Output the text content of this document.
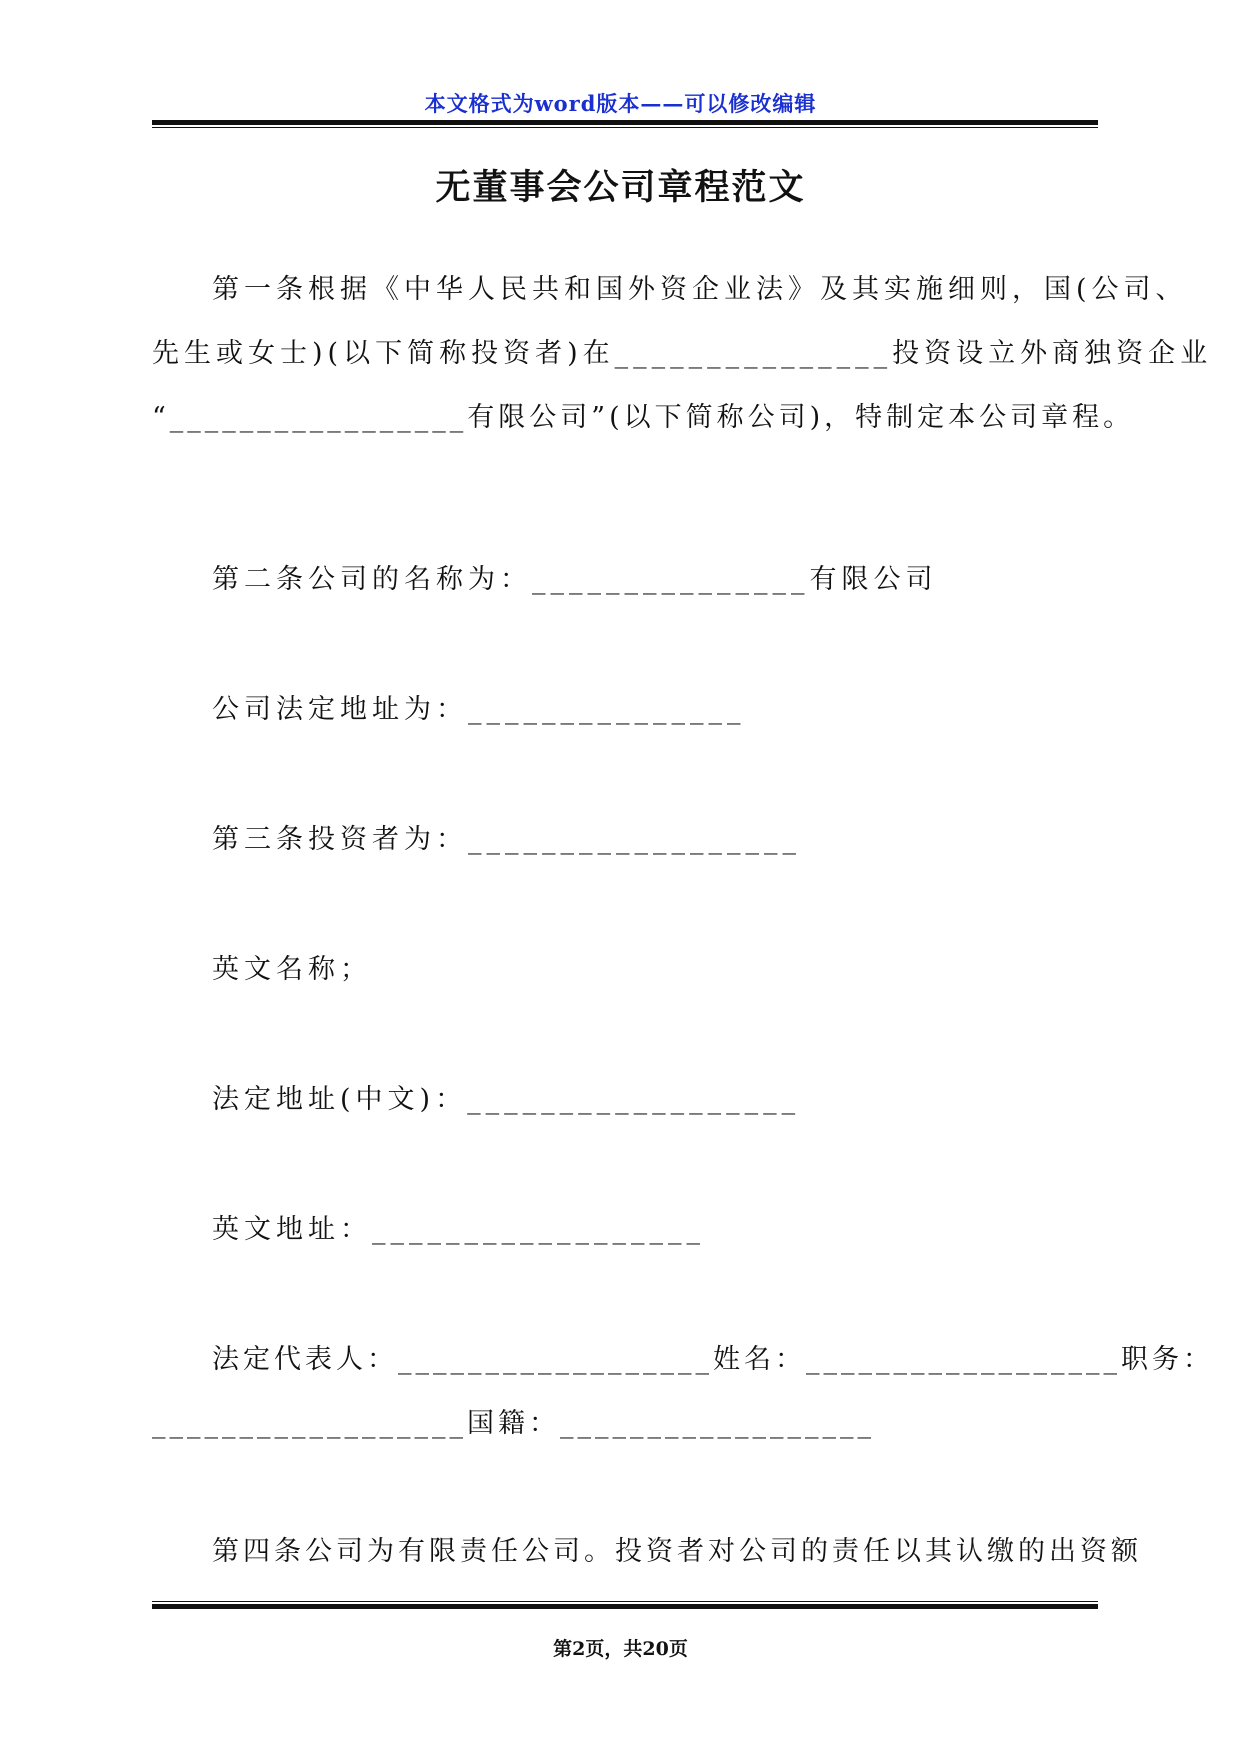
本文格式为word版本——可以修改编辑
无董事会公司章程范文
第一条根据《中华人民共和国外资企业法》及其实施细则，国(公司、
先生或女士)(以下简称投资者)在_______________投资设立外商独资企业
“_________________有限公司”(以下简称公司)，特制定本公司章程。
第二条公司的名称为：_______________有限公司
公司法定地址为：_______________
第三条投资者为：__________________
英文名称；
法定地址(中文)：__________________
英文地址：__________________
法定代表人：__________________姓名：__________________职务：
__________________国籍：__________________
第四条公司为有限责任公司。投资者对公司的责任以其认缴的出资额
第2页，共20页
